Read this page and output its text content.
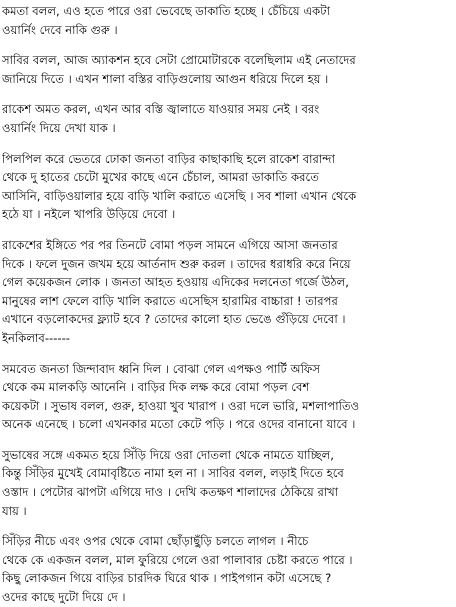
কমতা বলল, এও হতে পারে ওরা ভেবেছে ডাকাতি হচ্ছে । চেঁচিয়ে একটা
ওয়ার্নিং দেবে নাকি গুরু ।
সাবির বলল, আজ অ্যাকশন হবে সেটা প্রোমোটারকে বলেছিলাম এই নেতাদের
জানিয়ে দিতে । এখন শালা বস্তির বাড়িগুলোয় আগুন ধরিয়ে দিলে হয় ।
রাকেশ অমত করল, এখন আর বস্তি জ্বালাতে যাওয়ার সময় নেই । বরং
ওয়ার্নিং দিয়ে দেখা যাক ।
পিলপিল করে ভেতরে ঢোকা জনতা বাড়ির কাছাকাছি হলে রাকেশ বারান্দা
থেকে দু হাতের চেটো মুখের কাছে এনে চেঁচাল, আমরা ডাকাতি করতে
আসিনি, বাড়িওয়ালার হয়ে বাড়ি খালি করাতে এসেছি । সব শালা এখান থেকে
হঠে যা । নইলে খাপরি উড়িয়ে দেবো ।
রাকেশের ইঙ্গিতে পর পর তিনটে বোমা পড়ল সামনে এগিয়ে আসা জনতার
দিকে । ফলে দুজন জখম হয়ে আর্তনাদ শুরু করল । তাদের ধরাধরি করে নিয়ে
গেল কয়েকজন লোক । জনতা আহত হওয়ায় এদিকের দলনেতা গর্জে উঠল,
মানুষের লাশ ফেলে বাড়ি খালি করাতে এসেছিস হারামির বাচ্চারা ! তারপর
এখানে বড়লোকদের ফ্ল্যাট হবে ? তোদের কালো হাত ভেঙে গুঁড়িয়ে দেবো ।
ইনকিলাব------
সমবেত জনতা জিন্দাবাদ ধ্বনি দিল । বোঝা গেল এপক্ষও পার্টি অফিস
থেকে কম মালকড়ি আনেনি । বাড়ির দিক লক্ষ করে বোমা পড়ল বেশ
কয়েকটা । সুভাষ বলল, গুরু, হাওয়া খুব খারাপ । ওরা দলে ভারি, মশলাপাতিও
অনেক এনেছে । চলো এখনকার মতো কেটে পড়ি । পরে ওদের বানানো যাবে ।
সুভাষের সঙ্গে একমত হয়ে সিঁড়ি দিয়ে ওরা দোতলা থেকে নামতে যাচ্ছিল,
কিন্তু সিঁড়ির মুখেই বোমাবৃষ্টিতে নামা হল না । সাবির বলল, লড়াই দিতে হবে
ওস্তাদ । পেটোর ঝাপটা এগিয়ে দাও । দেখি কতক্ষণ শালাদের ঠেকিয়ে রাখা
যায় ।
সিঁড়ির নীচে এবং ওপর থেকে বোমা ছোঁড়াছুঁড়ি চলতে লাগল । নীচে
থেকে কে একজন বলল, মাল ফুরিয়ে গেলে ওরা পালাবার চেষ্টা করতে পারে ।
কিছু লোকজন গিয়ে বাড়ির চারদিক ঘিরে থাক । পাইপগান কটা এসেছে ?
ওদের কাছে দুটো দিয়ে দে ।
